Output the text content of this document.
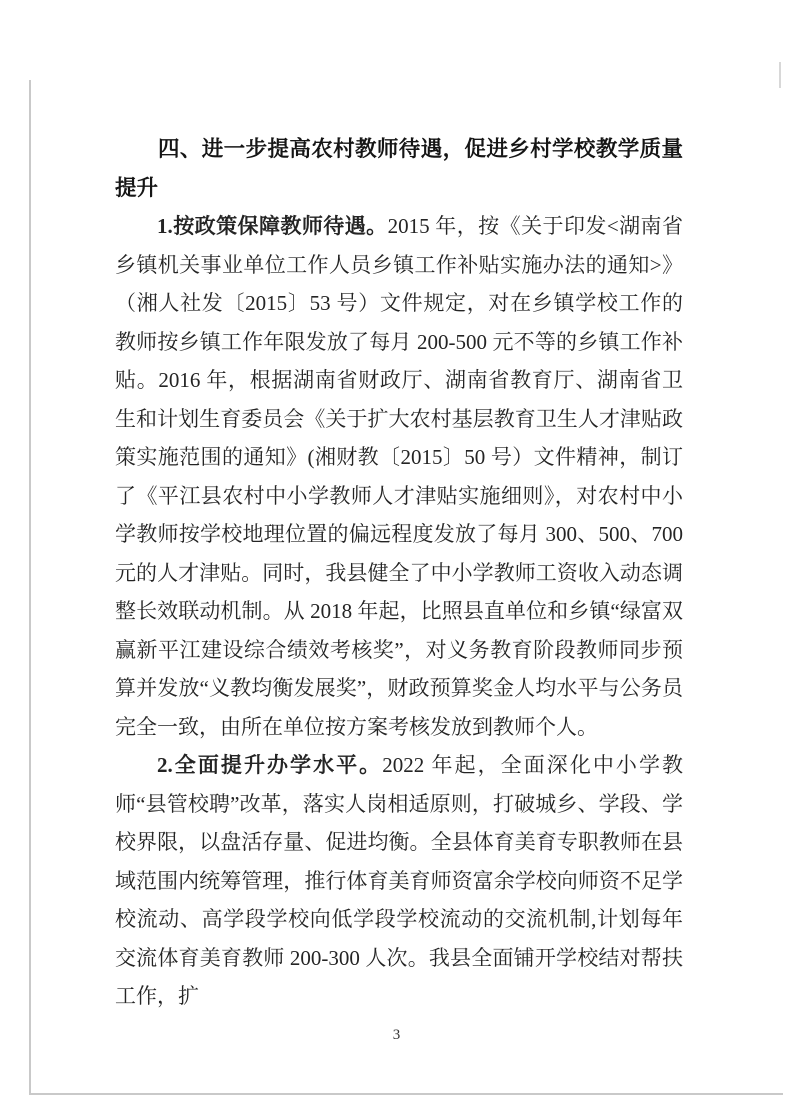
四、进一步提高农村教师待遇，促进乡村学校教学质量提升

1.按政策保障教师待遇。2015 年，按《关于印发<湖南省乡镇机关事业单位工作人员乡镇工作补贴实施办法的通知>》（湘人社发〔2015〕53 号）文件规定，对在乡镇学校工作的教师按乡镇工作年限发放了每月 200-500 元不等的乡镇工作补贴。2016 年，根据湖南省财政厅、湖南省教育厅、湖南省卫生和计划生育委员会《关于扩大农村基层教育卫生人才津贴政策实施范围的通知》(湘财教〔2015〕50 号）文件精神，制订了《平江县农村中小学教师人才津贴实施细则》，对农村中小学教师按学校地理位置的偏远程度发放了每月 300、500、700 元的人才津贴。同时，我县健全了中小学教师工资收入动态调整长效联动机制。从 2018 年起，比照县直单位和乡镇“绿富双赢新平江建设综合绩效考核奖”，对义务教育阶段教师同步预算并发放“义教均衡发展奖”，财政预算奖金人均水平与公务员完全一致，由所在单位按方案考核发放到教师个人。

2.全面提升办学水平。2022 年起，全面深化中小学教师“县管校聘”改革，落实人岗相适原则，打破城乡、学段、学校界限，以盘活存量、促进均衡。全县体育美育专职教师在县域范围内统筹管理，推行体育美育师资富余学校向师资不足学校流动、高学段学校向低学段学校流动的交流机制,计划每年交流体育美育教师 200-300 人次。我县全面铺开学校结对帮扶工作，扩

3
